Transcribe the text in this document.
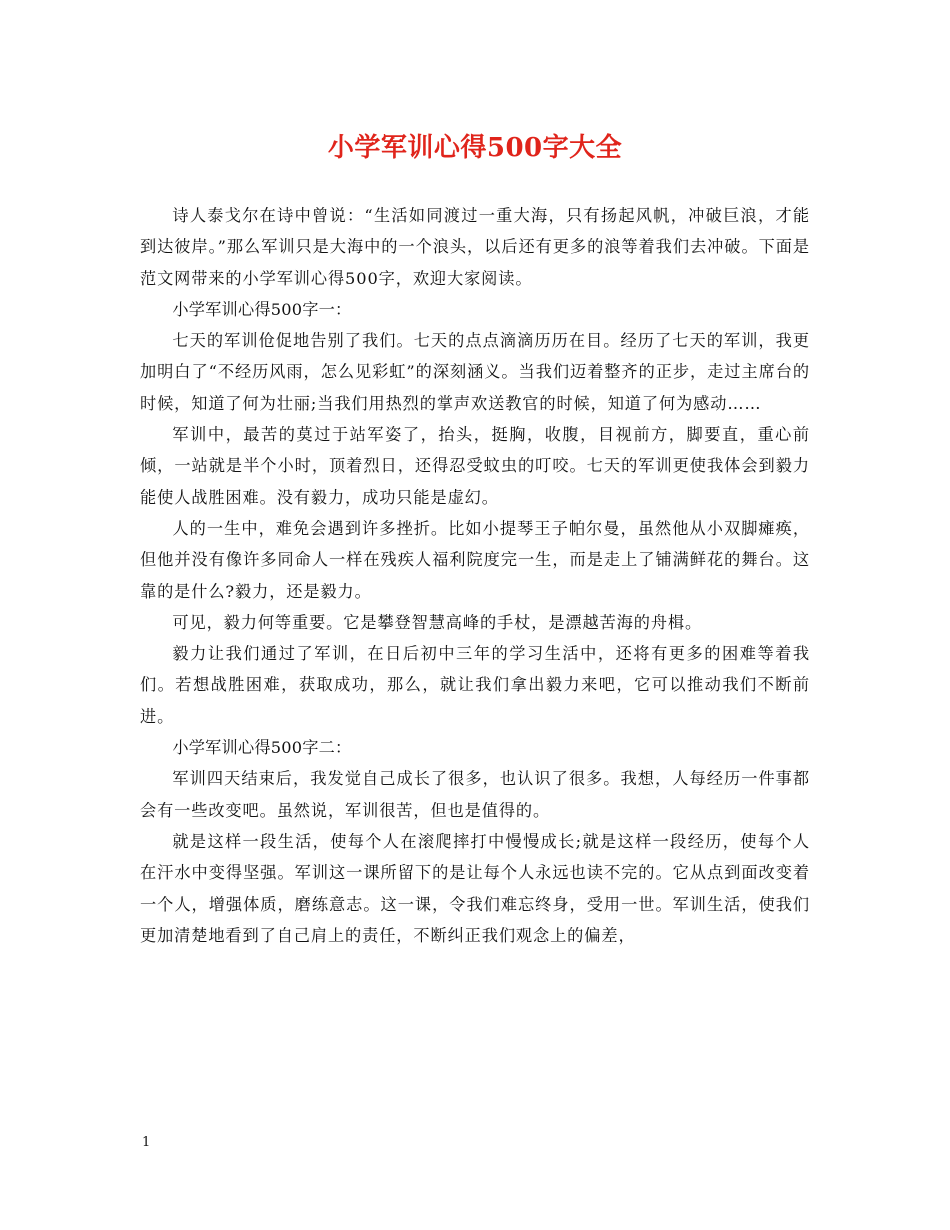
小学军训心得500字大全

诗人泰戈尔在诗中曾说：“生活如同渡过一重大海，只有扬起风帆，冲破巨浪，才能到达彼岸。”那么军训只是大海中的一个浪头，以后还有更多的浪等着我们去冲破。下面是范文网带来的小学军训心得500字，欢迎大家阅读。

小学军训心得500字一：

七天的军训伧促地告别了我们。七天的点点滴滴历历在目。经历了七天的军训，我更加明白了“不经历风雨，怎么见彩虹”的深刻涵义。当我们迈着整齐的正步，走过主席台的时候，知道了何为壮丽;当我们用热烈的掌声欢送教官的时候，知道了何为感动……

军训中，最苦的莫过于站军姿了，抬头，挺胸，收腹，目视前方，脚要直，重心前倾，一站就是半个小时，顶着烈日，还得忍受蚊虫的叮咬。七天的军训更使我体会到毅力能使人战胜困难。没有毅力，成功只能是虚幻。

人的一生中，难免会遇到许多挫折。比如小提琴王子帕尔曼，虽然他从小双脚瘫痪，但他并没有像许多同命人一样在残疾人福利院度完一生，而是走上了铺满鲜花的舞台。这靠的是什么?毅力，还是毅力。

可见，毅力何等重要。它是攀登智慧高峰的手杖，是漂越苦海的舟楫。

毅力让我们通过了军训，在日后初中三年的学习生活中，还将有更多的困难等着我们。若想战胜困难，获取成功，那么，就让我们拿出毅力来吧，它可以推动我们不断前进。

小学军训心得500字二：

军训四天结束后，我发觉自己成长了很多，也认识了很多。我想，人每经历一件事都会有一些改变吧。虽然说，军训很苦，但也是值得的。

就是这样一段生活，使每个人在滚爬摔打中慢慢成长;就是这样一段经历，使每个人在汗水中变得坚强。军训这一课所留下的是让每个人永远也读不完的。它从点到面改变着一个人，增强体质，磨练意志。这一课，令我们难忘终身，受用一世。军训生活，使我们更加清楚地看到了自己肩上的责任，不断纠正我们观念上的偏差，

1
